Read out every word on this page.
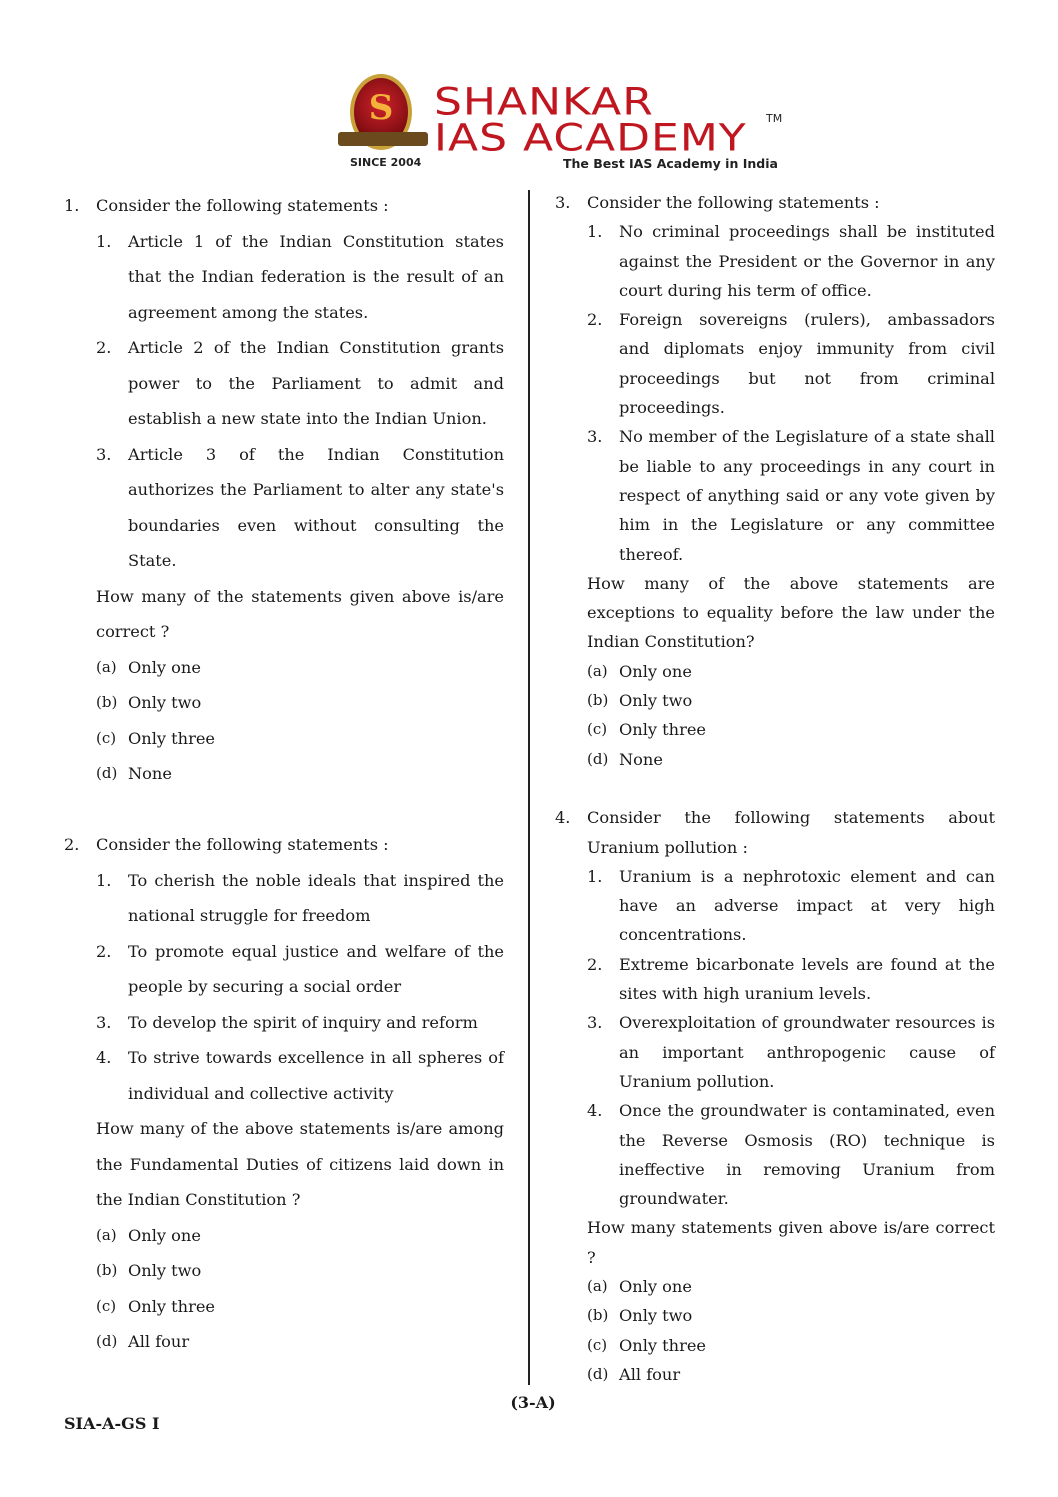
S
SINCE 2004
SHANKAR
IAS ACADEMY TM
The Best IAS Academy in India
1. Consider the following statements :
1. Article 1 of the Indian Constitution states that the Indian federation is the result of an agreement among the states.
2. Article 2 of the Indian Constitution grants power to the Parliament to admit and establish a new state into the Indian Union.
3. Article 3 of the Indian Constitution authorizes the Parliament to alter any state's boundaries even without consulting the State.
How many of the statements given above is/are correct ?
(a) Only one
(b) Only two
(c) Only three
(d) None
2. Consider the following statements :
1. To cherish the noble ideals that inspired the national struggle for freedom
2. To promote equal justice and welfare of the people by securing a social order
3. To develop the spirit of inquiry and reform
4. To strive towards excellence in all spheres of individual and collective activity
How many of the above statements is/are among the Fundamental Duties of citizens laid down in the Indian Constitution ?
(a) Only one
(b) Only two
(c) Only three
(d) All four
3. Consider the following statements :
1. No criminal proceedings shall be instituted against the President or the Governor in any court during his term of office.
2. Foreign sovereigns (rulers), ambassadors and diplomats enjoy immunity from civil proceedings but not from criminal proceedings.
3. No member of the Legislature of a state shall be liable to any proceedings in any court in respect of anything said or any vote given by him in the Legislature or any committee thereof.
How many of the above statements are exceptions to equality before the law under the Indian Constitution?
(a) Only one
(b) Only two
(c) Only three
(d) None
4. Consider the following statements about Uranium pollution :
1. Uranium is a nephrotoxic element and can have an adverse impact at very high concentrations.
2. Extreme bicarbonate levels are found at the sites with high uranium levels.
3. Overexploitation of groundwater resources is an important anthropogenic cause of Uranium pollution.
4. Once the groundwater is contaminated, even the Reverse Osmosis (RO) technique is ineffective in removing Uranium from groundwater.
How many statements given above is/are correct ?
(a) Only one
(b) Only two
(c) Only three
(d) All four
(3-A)
SIA-A-GS I
